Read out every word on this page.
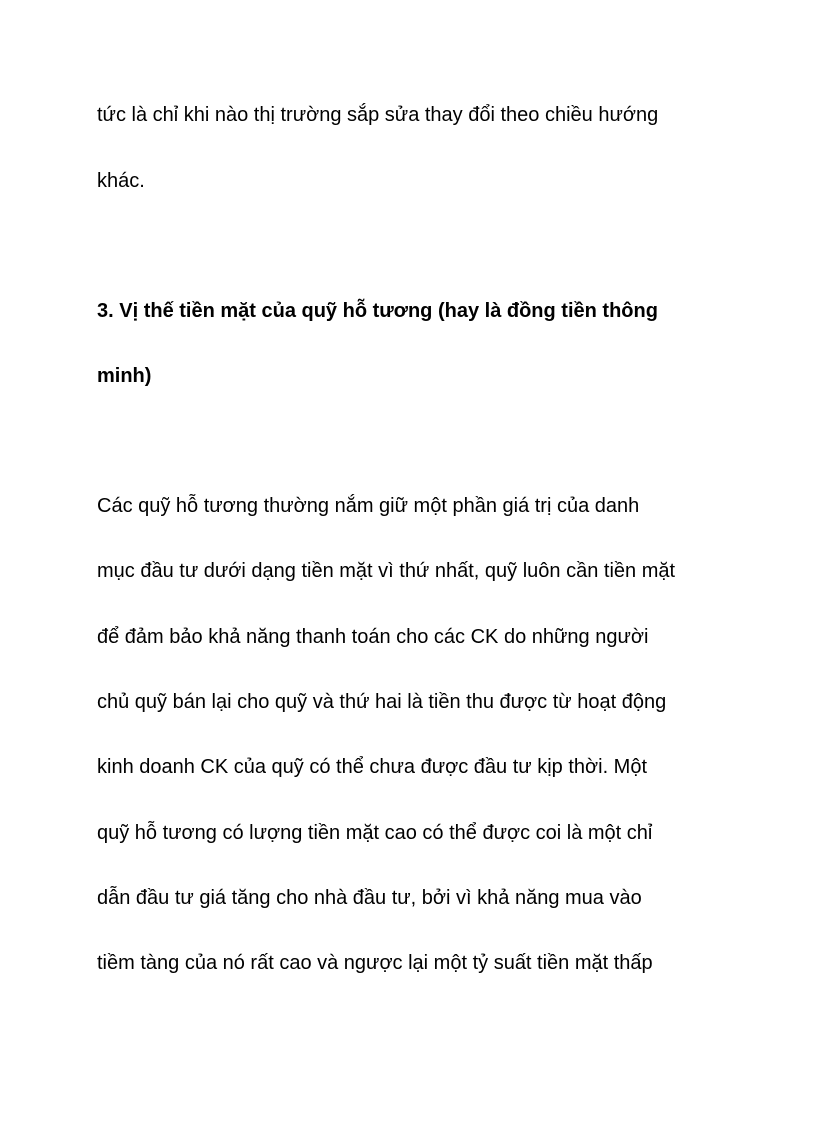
tức là chỉ khi nào thị trường sắp sửa thay đổi theo chiều hướng

khác.

3. Vị thế tiền mặt của quỹ hỗ tương (hay là đồng tiền thông

minh)

Các quỹ hỗ tương thường nắm giữ một phần giá trị của danh

mục đầu tư dưới dạng tiền mặt vì thứ nhất, quỹ luôn cần tiền mặt

để đảm bảo khả năng thanh toán cho các CK do những người

chủ quỹ bán lại cho quỹ và thứ hai là tiền thu được từ hoạt động

kinh doanh CK của quỹ có thể chưa được đầu tư kịp thời. Một

quỹ hỗ tương có lượng tiền mặt cao có thể được coi là một chỉ

dẫn đầu tư giá tăng cho nhà đầu tư, bởi vì khả năng mua vào

tiềm tàng của nó rất cao và ngược lại một tỷ suất tiền mặt thấp
